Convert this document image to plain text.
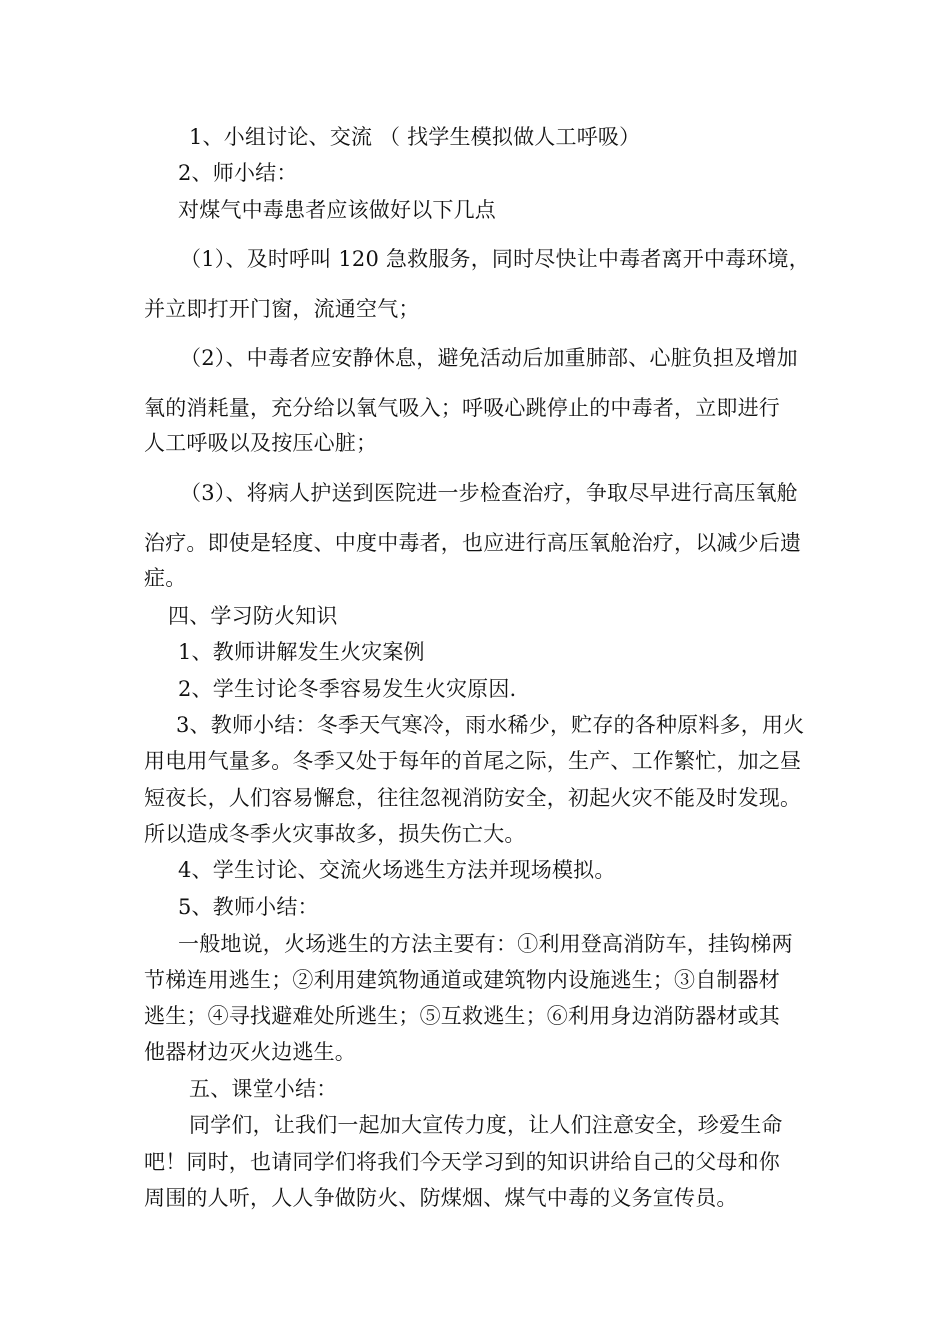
1、小组讨论、交流 （ 找学生模拟做人工呼吸）

2、师小结：

对煤气中毒患者应该做好以下几点

（1）、及时呼叫 120 急救服务，同时尽快让中毒者离开中毒环境，

并立即打开门窗，流通空气；

（2）、中毒者应安静休息，避免活动后加重肺部、心脏负担及增加

氧的消耗量，充分给以氧气吸入；呼吸心跳停止的中毒者，立即进行

人工呼吸以及按压心脏；

（3）、将病人护送到医院进一步检查治疗，争取尽早进行高压氧舱

治疗。即使是轻度、中度中毒者，也应进行高压氧舱治疗，以减少后遗

症。

四、学习防火知识

1、教师讲解发生火灾案例

2、学生讨论冬季容易发生火灾原因.

3、教师小结：冬季天气寒冷，雨水稀少，贮存的各种原料多，用火

用电用气量多。冬季又处于每年的首尾之际，生产、工作繁忙，加之昼

短夜长，人们容易懈怠，往往忽视消防安全，初起火灾不能及时发现。

所以造成冬季火灾事故多，损失伤亡大。

4、学生讨论、交流火场逃生方法并现场模拟。

5、教师小结：

一般地说，火场逃生的方法主要有：①利用登高消防车，挂钩梯两

节梯连用逃生；②利用建筑物通道或建筑物内设施逃生；③自制器材

逃生；④寻找避难处所逃生；⑤互救逃生；⑥利用身边消防器材或其

他器材边灭火边逃生。

五、课堂小结：

同学们，让我们一起加大宣传力度，让人们注意安全，珍爱生命

吧！同时，也请同学们将我们今天学习到的知识讲给自己的父母和你

周围的人听，人人争做防火、防煤烟、煤气中毒的义务宣传员。
